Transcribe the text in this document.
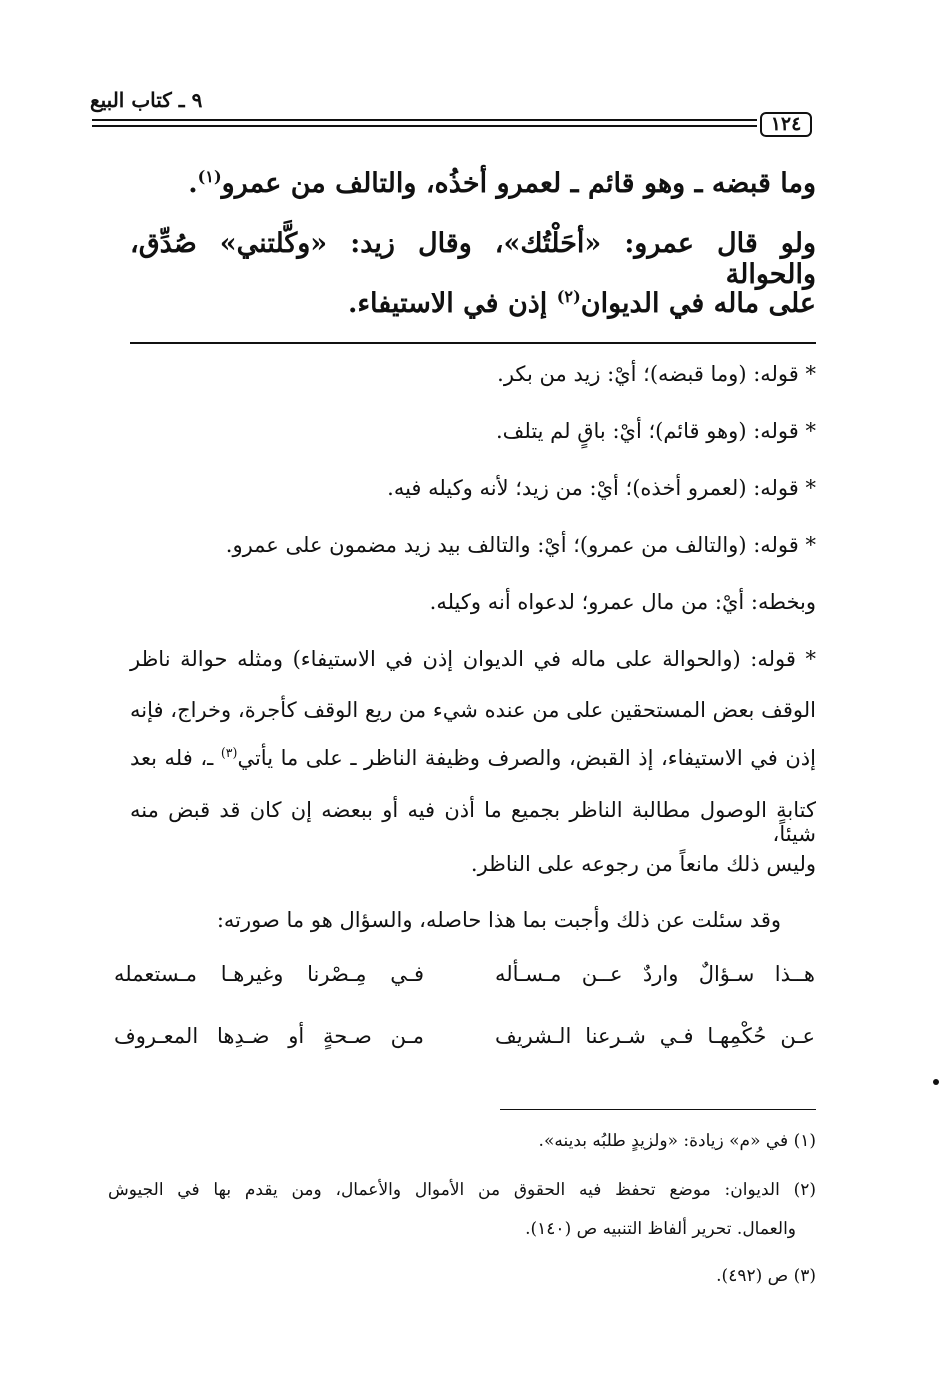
٩ ـ كتاب البيع
١٢٤
وما قبضه ـ وهو قائم ـ لعمرو أخذُه، والتالف من عمرو$^{(١)}$.
ولو قال عمرو: «أحَلْتُك»، وقال زيد: «وكَّلتني» صُدِّق، والحوالة
على ماله في الديوان$^{(٢)}$ إذن في الاستيفاء.
* قوله: (وما قبضه)؛ أيْ: زيد من بكر.
* قوله: (وهو قائم)؛ أيْ: باقٍ لم يتلف.
* قوله: (لعمرو أخذه)؛ أيْ: من زيد؛ لأنه وكيله فيه.
* قوله: (والتالف من عمرو)؛ أيْ: والتالف بيد زيد مضمون على عمرو.
وبخطه: أيْ: من مال عمرو؛ لدعواه أنه وكيله.
* قوله: (والحوالة على ماله في الديوان إذن في الاستيفاء) ومثله حوالة ناظر
الوقف بعض المستحقين على من عنده شيء من ريع الوقف كأجرة، وخراج، فإنه
إذن في الاستيفاء، إذ القبض، والصرف وظيفة الناظر ـ على ما يأتي$^{(٣)}$ ـ، فله بعد
كتابة الوصول مطالبة الناظر بجميع ما أذن فيه أو ببعضه إن كان قد قبض منه شيئاً،
وليس ذلك مانعاً من رجوعه على الناظر.
وقد سئلت عن ذلك وأجبت بما هذا حاصله، والسؤال هو ما صورته:
هــذا سـؤالٌ واردٌ عــن مـسـأله
فـي مِـصْرنا وغيرهـا مـستعمله
عـن حُكْمِهـا فـي شـرعنا الـشريف
مـن صـحةٍ أو ضـدِها المعـروف
(١) في «م» زيادة: «ولزيدٍ طلبُه بدينه».
(٢) الديوان: موضع تحفظ فيه الحقوق من الأموال والأعمال، ومن يقدم بها في الجيوش
والعمال. تحرير ألفاظ التنبيه ص (١٤٠).
(٣) ص (٤٩٢).
